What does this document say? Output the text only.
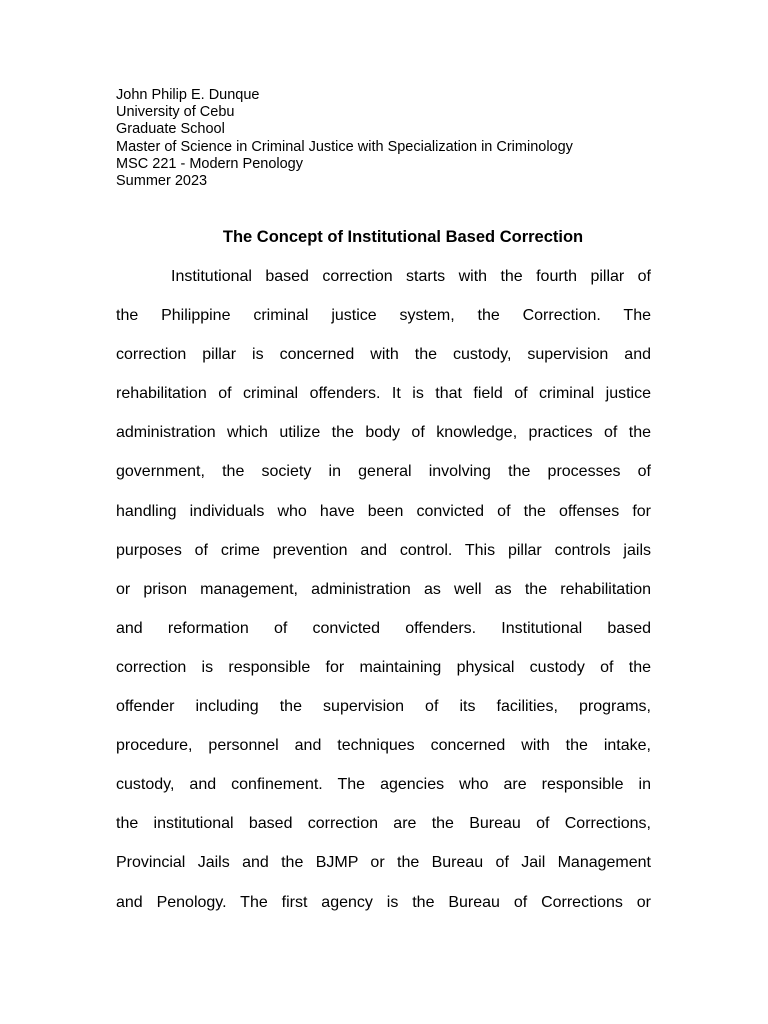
John Philip E. Dunque
University of Cebu
Graduate School
Master of Science in Criminal Justice with Specialization in Criminology
MSC 221 - Modern Penology
Summer 2023
The Concept of Institutional Based Correction
Institutional based correction starts with the fourth pillar of
the Philippine criminal justice system, the Correction. The
correction pillar is concerned with the custody, supervision and
rehabilitation of criminal offenders. It is that field of criminal justice
administration which utilize the body of knowledge, practices of the
government, the society in general involving the processes of
handling individuals who have been convicted of the offenses for
purposes of crime prevention and control. This pillar controls jails
or prison management, administration as well as the rehabilitation
and reformation of convicted offenders. Institutional based
correction is responsible for maintaining physical custody of the
offender including the supervision of its facilities, programs,
procedure, personnel and techniques concerned with the intake,
custody, and confinement. The agencies who are responsible in
the institutional based correction are the Bureau of Corrections,
Provincial Jails and the BJMP or the Bureau of Jail Management
and Penology. The first agency is the Bureau of Corrections or
